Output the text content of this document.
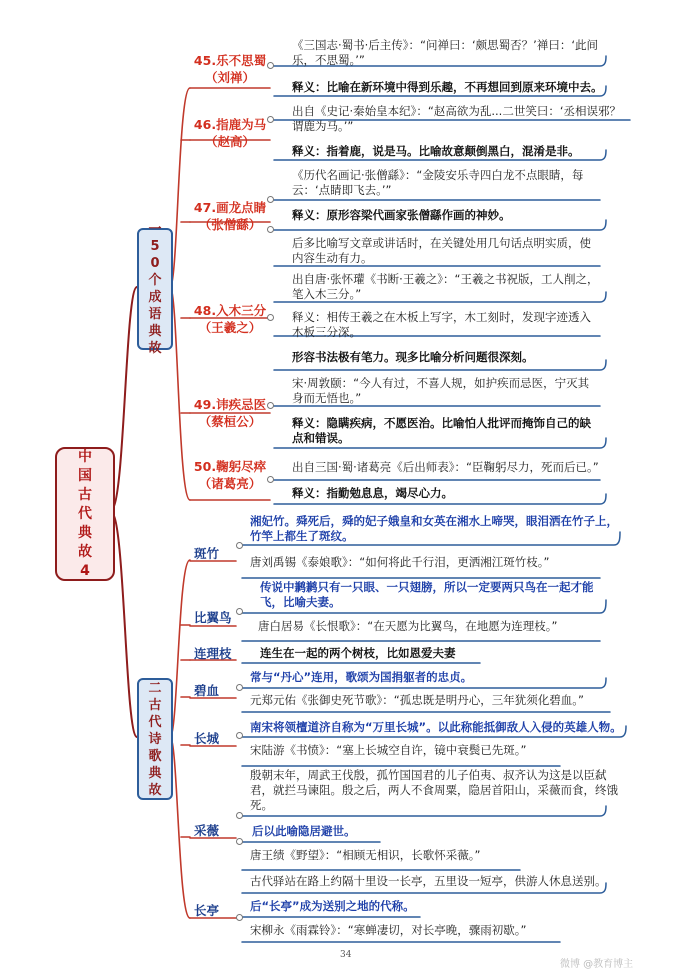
中国古代典故4
一50个成语典故
二古代诗歌典故
45.乐不思蜀
（刘禅）
46.指鹿为马
（赵高）
47.画龙点睛
（张僧繇）
48.入木三分
（王羲之）
49.讳疾忌医
（蔡桓公）
50.鞠躬尽瘁
（诸葛亮）
《三国志·蜀书·后主传》：“问禅曰：‘颇思蜀否？’禅曰：‘此间乐，不思蜀。’”
释义：比喻在新环境中得到乐趣，不再想回到原来环境中去。
出自《史记·秦始皇本纪》：“赵高欲为乱...二世笑曰：‘丞相误邪？谓鹿为马。’”
释义：指着鹿，说是马。比喻故意颠倒黑白，混淆是非。
《历代名画记·张僧繇》：“金陵安乐寺四白龙不点眼睛，每云：‘点睛即飞去。’”
释义：原形容梁代画家张僧繇作画的神妙。
后多比喻写文章或讲话时，在关键处用几句话点明实质，使内容生动有力。
出自唐·张怀瓘《书断·王羲之》：“王羲之书祝版，工人削之，笔入木三分。”
释义：相传王羲之在木板上写字，木工刻时，发现字迹透入木板三分深。
形容书法极有笔力。现多比喻分析问题很深刻。
宋·周敦颐：“今人有过，不喜人规，如护疾而忌医，宁灭其身而无悟也。”
释义：隐瞒疾病，不愿医治。比喻怕人批评而掩饰自己的缺点和错误。
出自三国·蜀·诸葛亮《后出师表》：“臣鞠躬尽力，死而后已。”
释义：指勤勉息息，竭尽心力。
斑竹
比翼鸟
连理枝
碧血
长城
采薇
长亭
湘妃竹。舜死后，舜的妃子娥皇和女英在湘水上啼哭，眼泪洒在竹子上，竹竿上都生了斑纹。
唐刘禹锡《泰娘歌》：“如何将此千行泪，更洒湘江斑竹枝。”
传说中鹣鹣只有一只眼、一只翅膀，所以一定要两只鸟在一起才能飞，比喻夫妻。
唐白居易《长恨歌》：“在天愿为比翼鸟，在地愿为连理枝。”
连生在一起的两个树枝，比如恩爱夫妻
常与“丹心”连用，歌颂为国捐躯者的忠贞。
元郑元佑《张御史死节歌》：“孤忠既是明丹心，三年犹须化碧血。”
南宋将领檀道济自称为“万里长城”。以此称能抵御敌人入侵的英雄人物。
宋陆游《书愤》：“塞上长城空自许，镜中衰鬓已先斑。”
殷朝末年，周武王伐殷，孤竹国国君的儿子伯夷、叔齐认为这是以臣弑君，就拦马谏阻。殷之后，两人不食周粟，隐居首阳山，采薇而食，终饿死。
后以此喻隐居避世。
唐王绩《野望》：“相顾无相识，长歌怀采薇。”
古代驿站在路上约隔十里设一长亭，五里设一短亭，供游人休息送别。
后“长亭”成为送别之地的代称。
宋柳永《雨霖铃》：“寒蝉凄切，对长亭晚，骤雨初歇。”
34
微博 @教育博主
